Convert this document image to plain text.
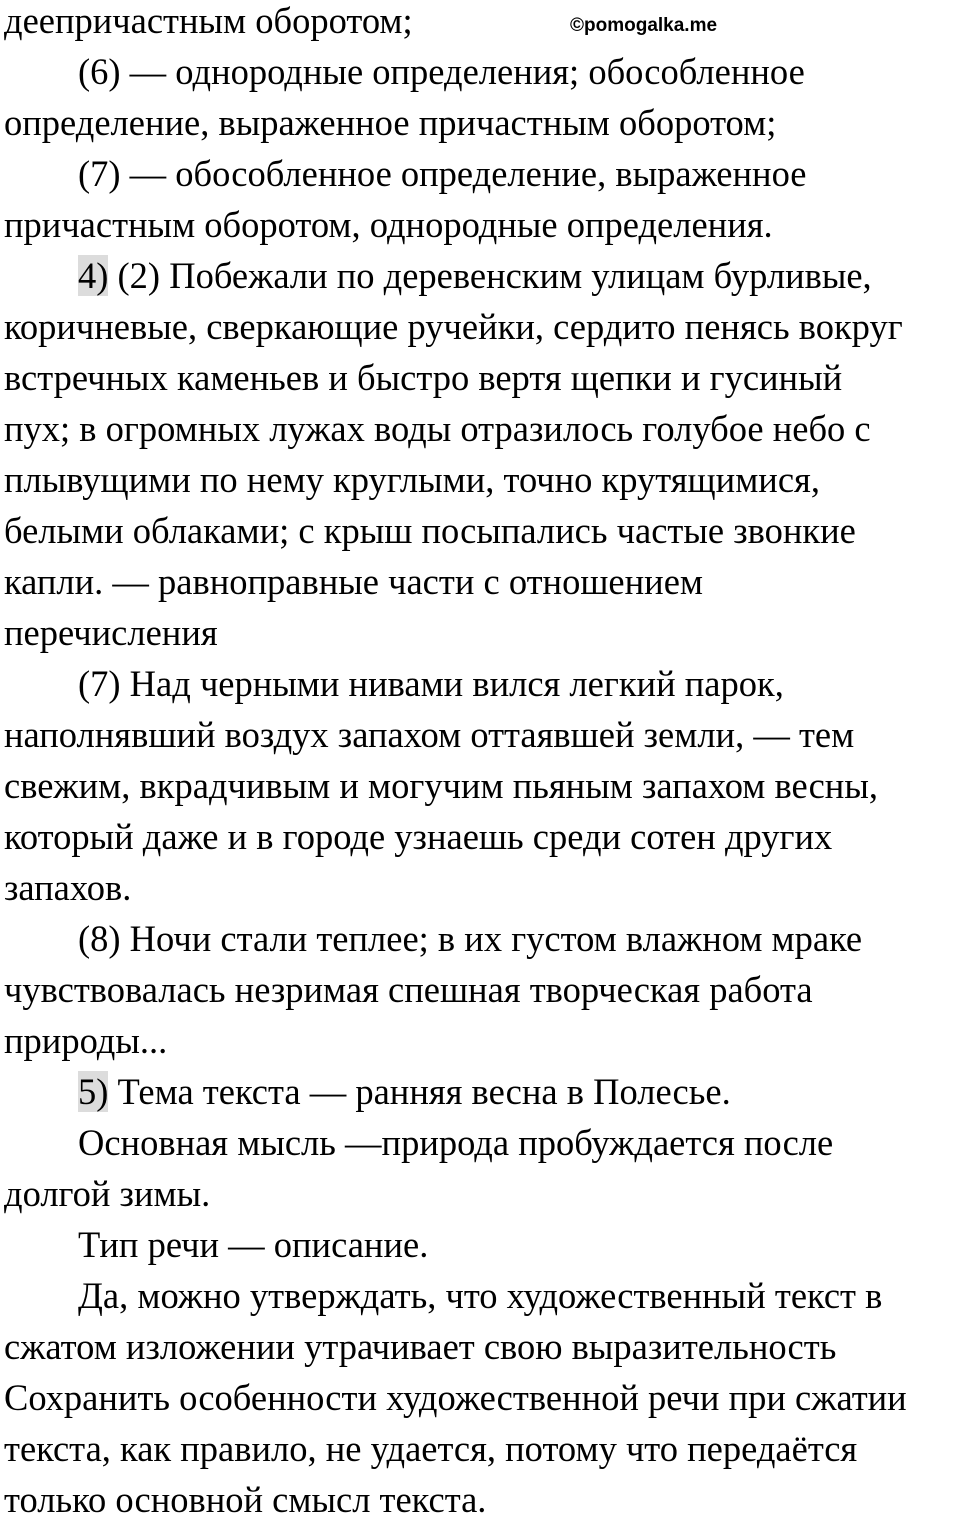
©pomogalka.me

деепричастным оборотом;

(6) — однородные определения; обособленное

определение, выраженное причастным оборотом;

(7) — обособленное определение, выраженное

причастным оборотом, однородные определения.

4) (2) Побежали по деревенским улицам бурливые,

коричневые, сверкающие ручейки, сердито пенясь вокруг

встречных каменьев и быстро вертя щепки и гусиный

пух; в огромных лужах воды отразилось голубое небо с

плывущими по нему круглыми, точно крутящимися,

белыми облаками; с крыш посыпались частые звонкие

капли. — равноправные части с отношением

перечисления

(7) Над черными нивами вился легкий парок,

наполнявший воздух запахом оттаявшей земли, — тем

свежим, вкрадчивым и могучим пьяным запахом весны,

который даже и в городе узнаешь среди сотен других

запахов.

(8) Ночи стали теплее; в их густом влажном мраке

чувствовалась незримая спешная творческая работа

природы...

5) Тема текста — ранняя весна в Полесье.

Основная мысль —природа пробуждается после

долгой зимы.

Тип речи — описание.

Да, можно утверждать, что художественный текст в

сжатом изложении утрачивает свою выразительность

Сохранить особенности художественной речи при сжатии

текста, как правило, не удается, потому что передаётся

только основной смысл текста.
